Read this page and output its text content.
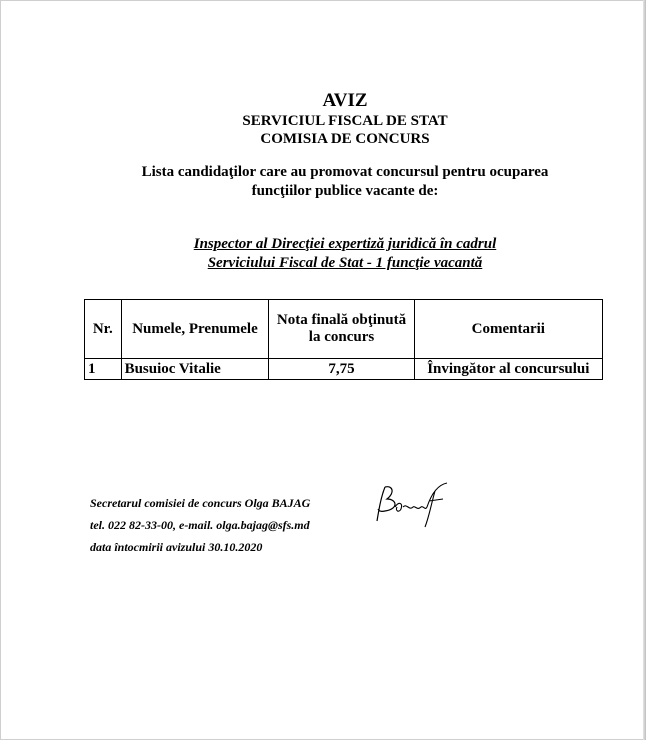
AVIZ
SERVICIUL FISCAL DE STAT
COMISIA DE CONCURS
Lista candidaţilor care au promovat concursul pentru ocuparea
funcţiilor publice vacante de:
Inspector al Direcţiei expertiză juridică în cadrul
Serviciului Fiscal de Stat - 1 funcţie vacantă
Nr.	Numele, Prenumele	Nota finală obţinută la concurs	Comentarii
1	Busuioc Vitalie	7,75	Învingător al concursului
Secretarul comisiei de concurs Olga BAJAG
tel. 022 82-33-00, e-mail. olga.bajag@sfs.md
data întocmirii avizului 30.10.2020
